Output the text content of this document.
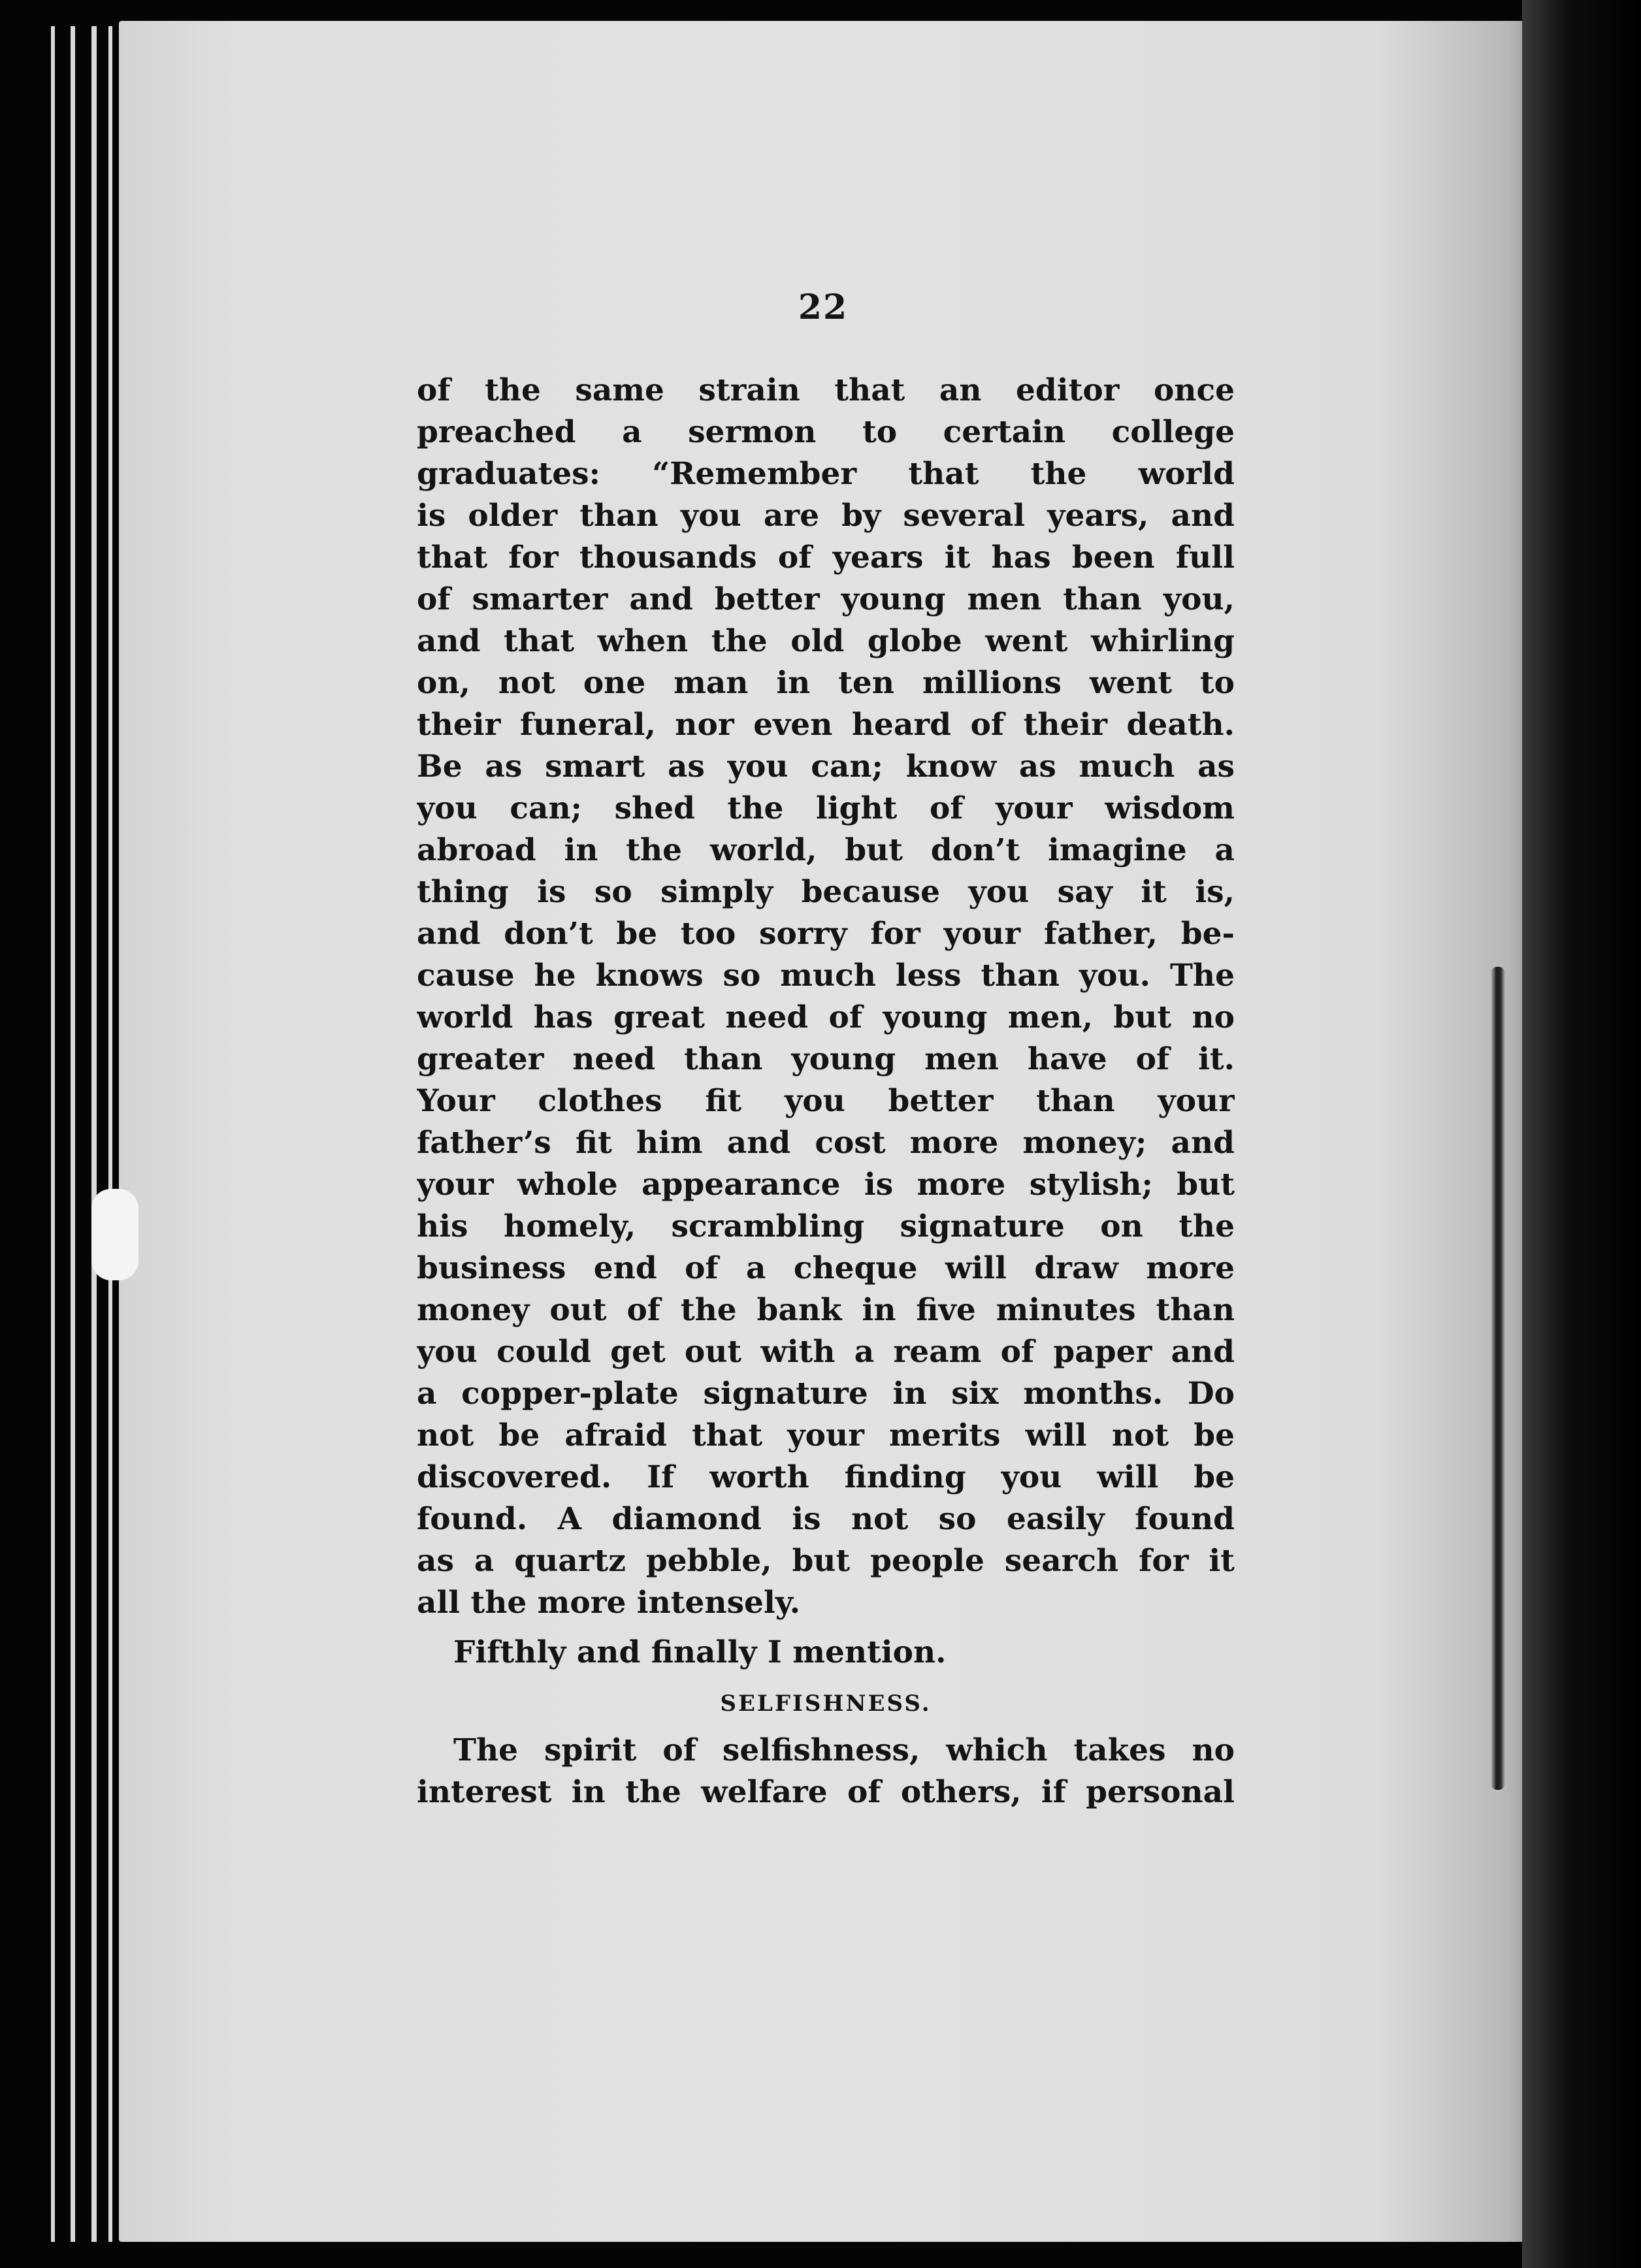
22
of the same strain that an editor once
preached a sermon to certain college
graduates: “Remember that the world
is older than you are by several years, and
that for thousands of years it has been full
of smarter and better young men than you,
and that when the old globe went whirling
on, not one man in ten millions went to
their funeral, nor even heard of their death.
Be as smart as you can; know as much as
you can; shed the light of your wisdom
abroad in the world, but don’t imagine a
thing is so simply because you say it is,
and don’t be too sorry for your father, be-
cause he knows so much less than you. The
world has great need of young men, but no
greater need than young men have of it.
Your clothes fit you better than your
father’s fit him and cost more money; and
your whole appearance is more stylish; but
his homely, scrambling signature on the
business end of a cheque will draw more
money out of the bank in five minutes than
you could get out with a ream of paper and
a copper-plate signature in six months. Do
not be afraid that your merits will not be
discovered. If worth finding you will be
found. A diamond is not so easily found
as a quartz pebble, but people search for it
all the more intensely.
Fifthly and finally I mention.
SELFISHNESS.
The spirit of selfishness, which takes no
interest in the welfare of others, if personal
